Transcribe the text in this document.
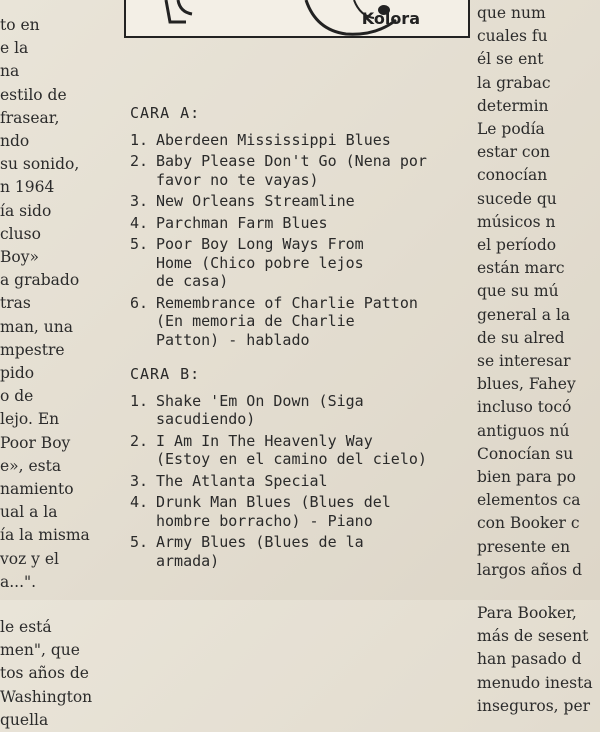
Kolora
to en
e la
na
estilo de
frasear,
ndo
su sonido,
n 1964
ía sido
cluso
Boy»
a grabado
tras
man, una
mpestre
pido
o de
lejo. En
Poor Boy
e», esta
namiento
ual a la
ía la misma
voz y el
a...".
le está
men", que
tos años de
Washington
quella
que num
cuales fu
él se ent
la grabac
determin
Le podía
estar con
conocían
sucede qu
músicos n
el período
están marc
que su mú
general a la
de su alred
se interesar
blues, Fahey
incluso tocó
antiguos nú
Conocían su
bien para po
elementos ca
con Booker c
presente en
largos años d
Para Booker,
más de sesent
han pasado d
menudo inesta
inseguros, per
CARA A:
1. Aberdeen Mississippi Blues
2. Baby Please Don't Go (Nena por
favor no te vayas)
3. New Orleans Streamline
4. Parchman Farm Blues
5. Poor Boy Long Ways From
Home (Chico pobre lejos
de casa)
6. Remembrance of Charlie Patton
(En memoria de Charlie
Patton) - hablado
CARA B:
1. Shake 'Em On Down (Siga
sacudiendo)
2. I Am In The Heavenly Way
(Estoy en el camino del cielo)
3. The Atlanta Special
4. Drunk Man Blues (Blues del
hombre borracho) - Piano
5. Army Blues (Blues de la
armada)
